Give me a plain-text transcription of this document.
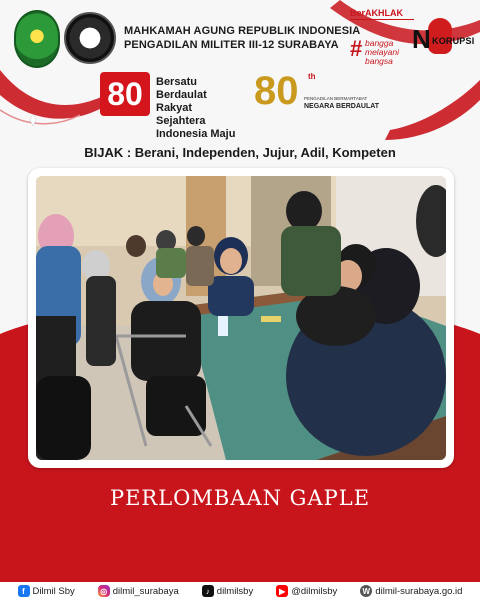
MAHKAMAH AGUNG REPUBLIK INDONESIA
PENGADILAN MILITER III-12 SURABAYA
BerAKHLAK
# bangga
melayani
bangsa
N KORUPSI
80	Bersatu Berdaulat
Rakyat Sejahtera
Indonesia Maju
80 th
PENGADILAN BERMARTABAT
NEGARA BERDAULAT
BIJAK : Berani, Independen, Jujur, Adil, Kompeten
PERLOMBAAN GAPLE
f Dilmil Sby	◎ dilmil_surabaya	♪ dilmilsby	▶ @dilmilsby	W dilmil-surabaya.go.id
